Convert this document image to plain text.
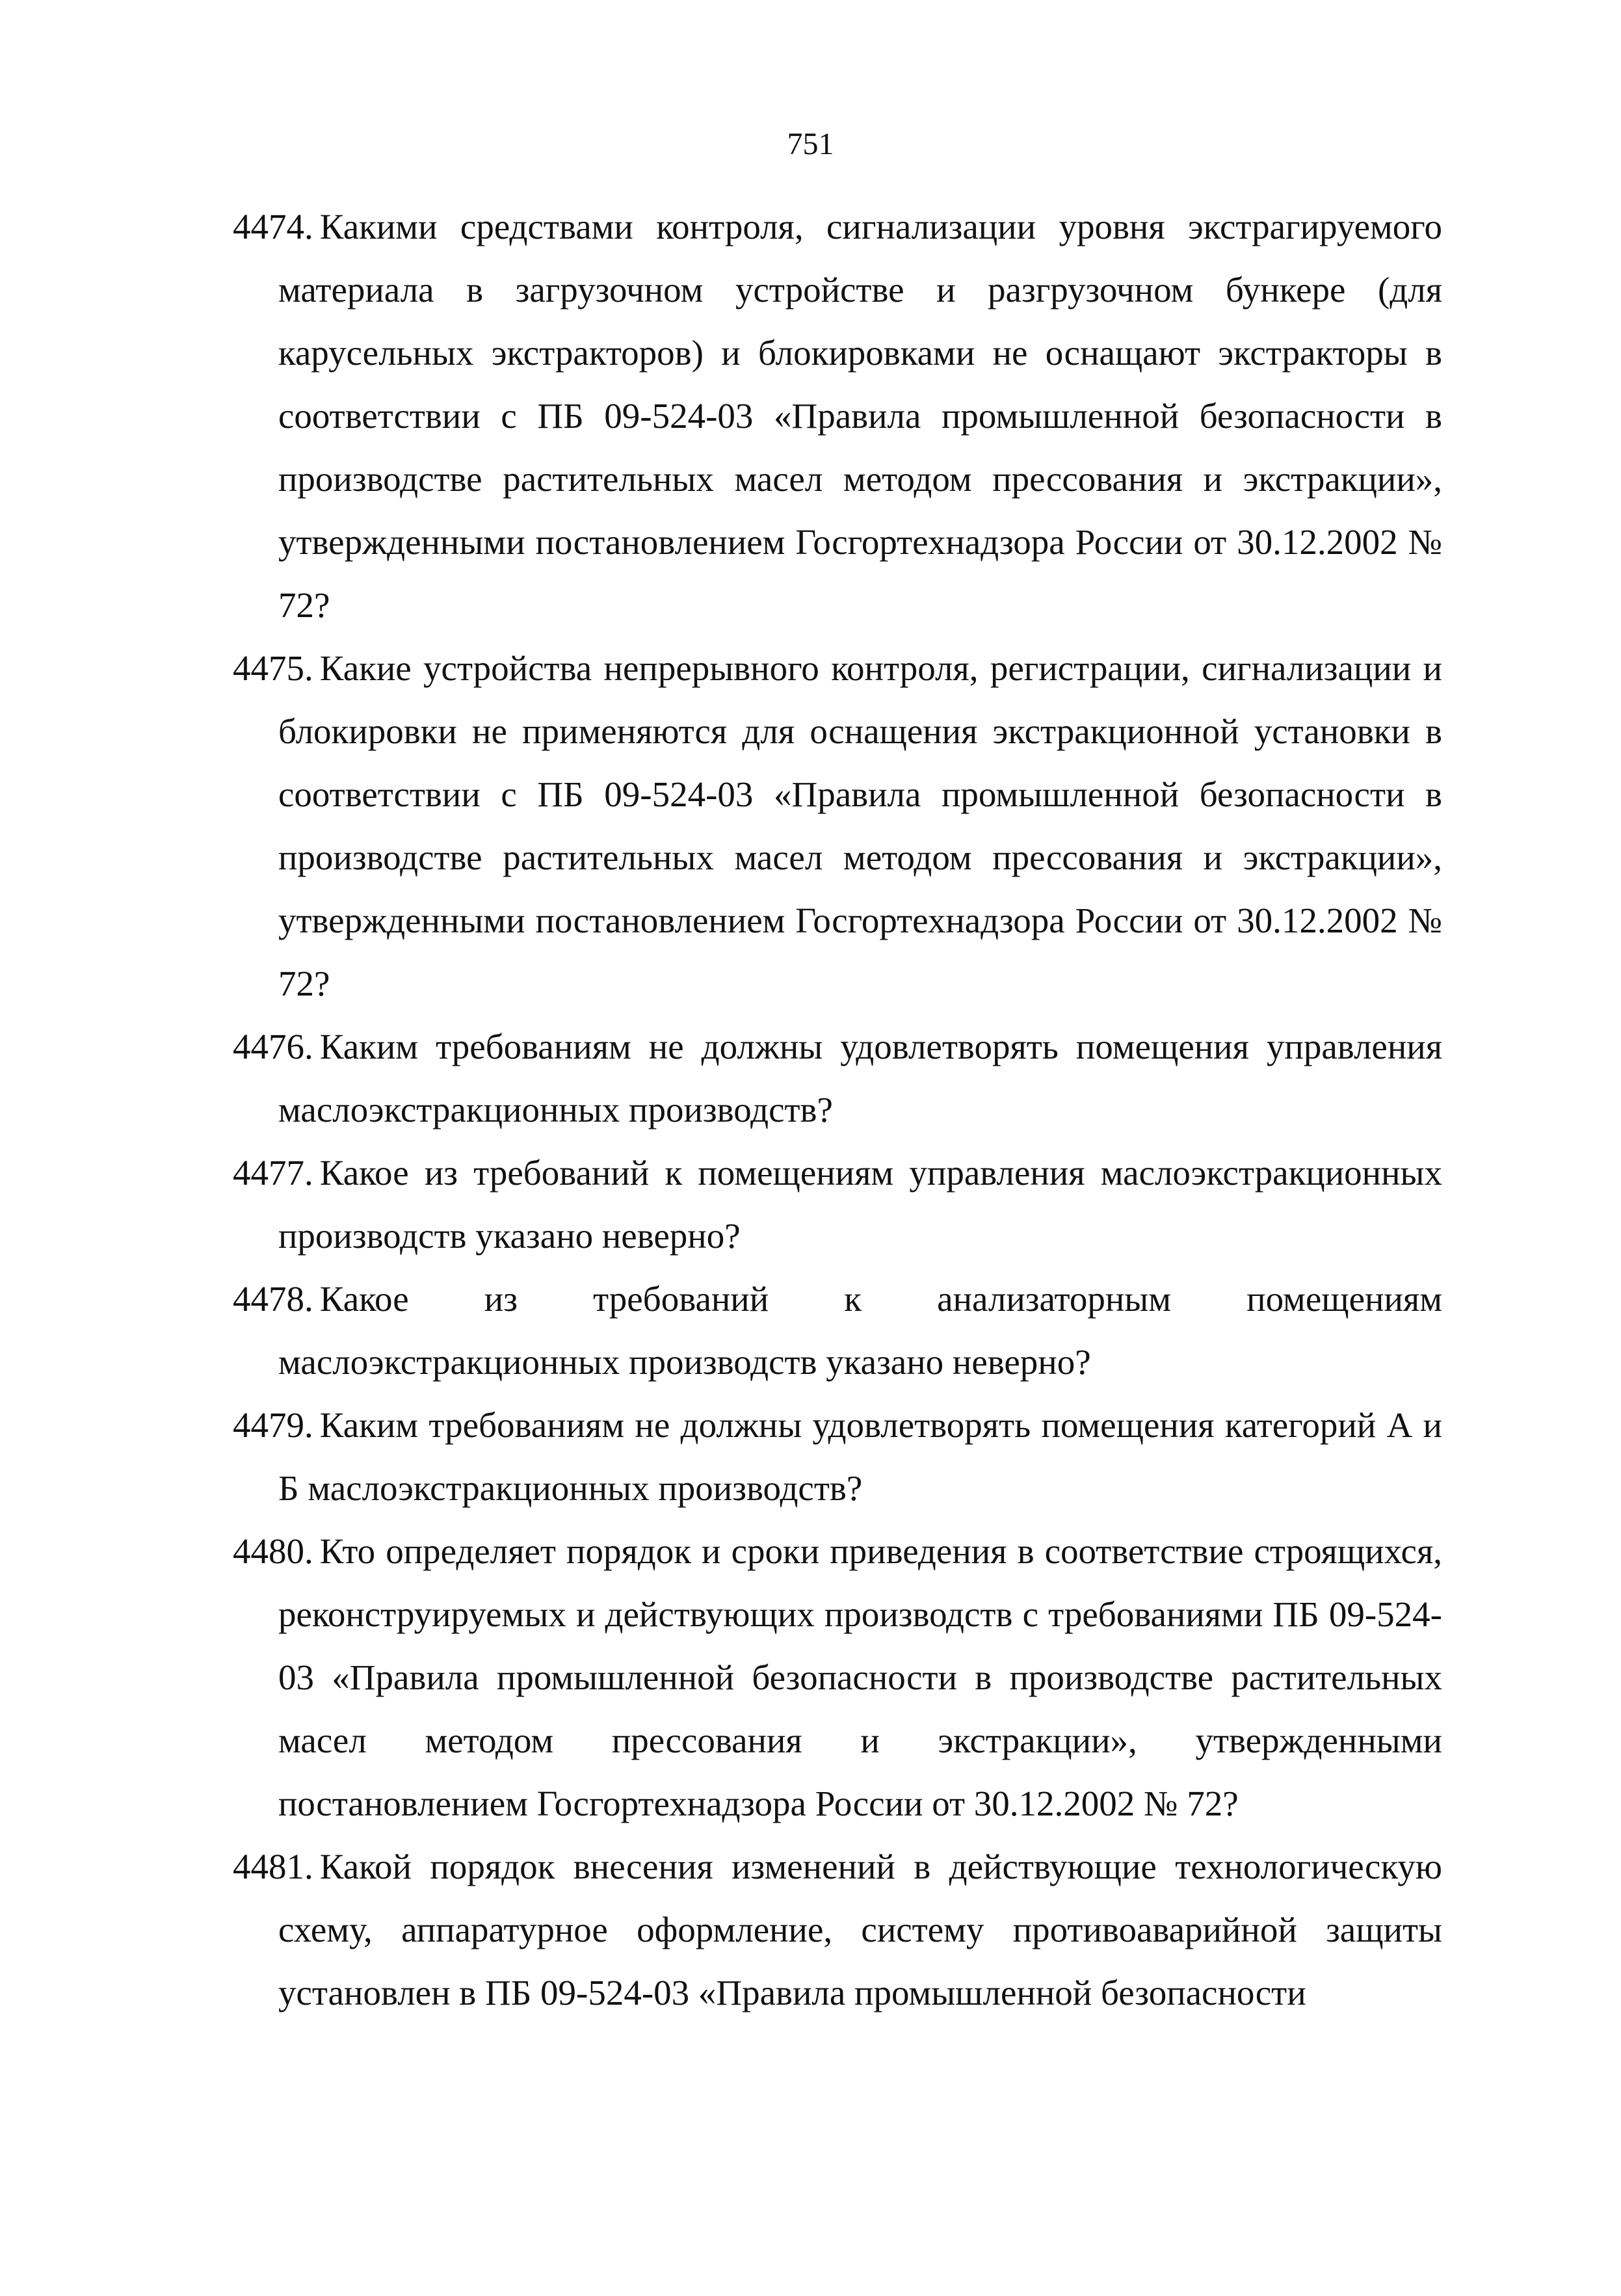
751

4474. Какими средствами контроля, сигнализации уровня экстрагируемого материала в загрузочном устройстве и разгрузочном бункере (для карусельных экстракторов) и блокировками не оснащают экстракторы в соответствии с ПБ 09-524-03 «Правила промышленной безопасности в производстве растительных масел методом прессования и экстракции», утвержденными постановлением Госгортехнадзора России от 30.12.2002 № 72?

4475. Какие устройства непрерывного контроля, регистрации, сигнализации и блокировки не применяются для оснащения экстракционной установки в соответствии с ПБ 09-524-03 «Правила промышленной безопасности в производстве растительных масел методом прессования и экстракции», утвержденными постановлением Госгортехнадзора России от 30.12.2002 № 72?

4476. Каким требованиям не должны удовлетворять помещения управления маслоэкстракционных производств?

4477. Какое из требований к помещениям управления маслоэкстракционных производств указано неверно?

4478. Какое из требований к анализаторным помещениям маслоэкстракционных производств указано неверно?

4479. Каким требованиям не должны удовлетворять помещения категорий А и Б маслоэкстракционных производств?

4480. Кто определяет порядок и сроки приведения в соответствие строящихся, реконструируемых и действующих производств с требованиями ПБ 09-524-03 «Правила промышленной безопасности в производстве растительных масел методом прессования и экстракции», утвержденными постановлением Госгортехнадзора России от 30.12.2002 № 72?

4481. Какой порядок внесения изменений в действующие технологическую схему, аппаратурное оформление, систему противоаварийной защиты установлен в ПБ 09-524-03 «Правила промышленной безопасности
